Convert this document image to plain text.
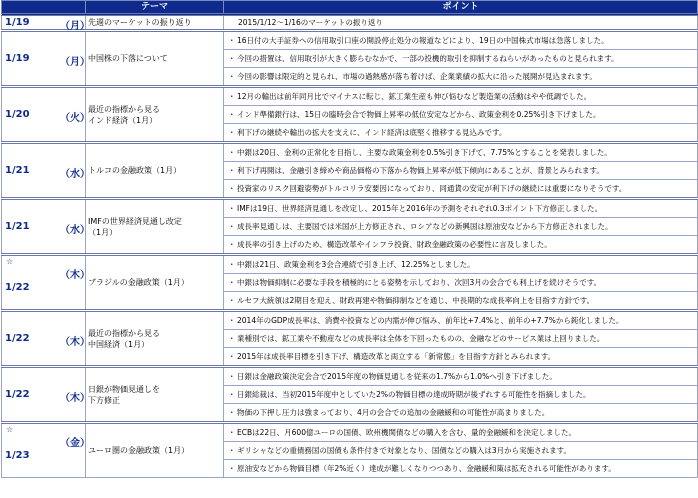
	テーマ	ポイント
1/19 （月）	先週のマーケットの振り返り	2015/1/12～1/16のマーケットの振り返り
1/19 （月）	中国株の下落について	・ 16日付の大手証券への信用取引口座の開設停止処分の報道などにより、19日の中国株式市場は急落しました。
		・ 今回の措置は、信用取引が大きく膨らむなかで、一部の投機的取引を抑制するねらいがあったものと見られます。
		・ 今回の影響は限定的と見られ、市場の過熱感が落ち着けば、企業業績の拡大に沿った展開が見込まれます。
1/20 （火）	最近の指標から見る
インド経済（1月）	・ 12月の輸出は前年同月比でマイナスに転じ、鉱工業生産も伸び悩むなど製造業の活動はやや低調でした。
		・ インド準備銀行は、15日の臨時会合で物価上昇率の低位安定などから、政策金利を0.25%引き下げました。
		・ 利下げの継続や輸出の拡大を支えに、インド経済は底堅く推移する見込みです。
1/21 （水）	トルコの金融政策（1月）	・ 中銀は20日、金利の正常化を目指し、主要な政策金利を0.5%引き下げて、7.75%とすることを発表しました。
		・ 利下げ再開は、金融引き締めや商品価格の下落から物価上昇率が低下傾向にあることが、背景とみられます。
		・ 投資家のリスク回避姿勢がトルコリラ安要因になっており、同通貨の安定が利下げの継続には重要になりそうです。
1/21 （水）	IMFの世界経済見通し改定
（1月）	・ IMFは19日、世界経済見通しを改定し、2015年と2016年の予測をそれぞれ0.3ポイント下方修正しました。
		・ 成長率見通しは、主要国では米国が上方修正され、ロシアなどの新興国は原油安などから下方修正されました。
		・ 成長率の引き上げのため、構造改革やインフラ投資、財政金融政策の必要性に言及しました。

☆
1/22
（木）	ブラジルの金融政策（1月）	・ 中銀は21日、政策金利を3会合連続で引き上げ、12.25%としました。
		・ 中銀は物価抑制に必要な手段を積極的にとる姿勢を示しており、次回3月の会合でも利上げを続けそうです。
		・ ルセフ大統領は2期目を迎え、財政再建や物価抑制などを通じ、中長期的な成長率向上を目指す方針です。
1/22 （木）	最近の指標から見る
中国経済（1月）	・ 2014年のGDP成長率は、消費や投資などの内需が伸び悩み、前年比+7.4%と、前年の+7.7%から鈍化しました。
		・ 業種別では、鉱工業や不動産などの成長率は全体を下回ったものの、金融などのサービス業は上回りました。
		・ 2015年は成長率目標を引き下げ、構造改革と両立する「新常態」を目指す方針とみられます。
1/22 （木）	日銀が物価見通しを
下方修正	・ 日銀は金融政策決定会合で2015年度の物価見通しを従来の1.7%から1.0%へ引き下げました。
		・ 日銀総裁は、当初2015年度中としていた2%の物価目標の達成時期が後ずれする可能性を指摘しました。
		・ 物価の下押し圧力は強まっており、4月の会合での追加の金融緩和の可能性が高まりました。

☆
1/23
（金）	ユーロ圏の金融政策（1月）	・ ECBは22日、月600億ユーロの国債、欧州機関債などの購入を含む、量的金融緩和を決定しました。
		・ ギリシャなどの重債務国の国債も条件付きで対象となり、国債などの購入は3月から実施されます。
		・ 原油安などから物価目標（年2%近く）達成が難しくなりつつあり、金融緩和策は拡充される可能性があります。
